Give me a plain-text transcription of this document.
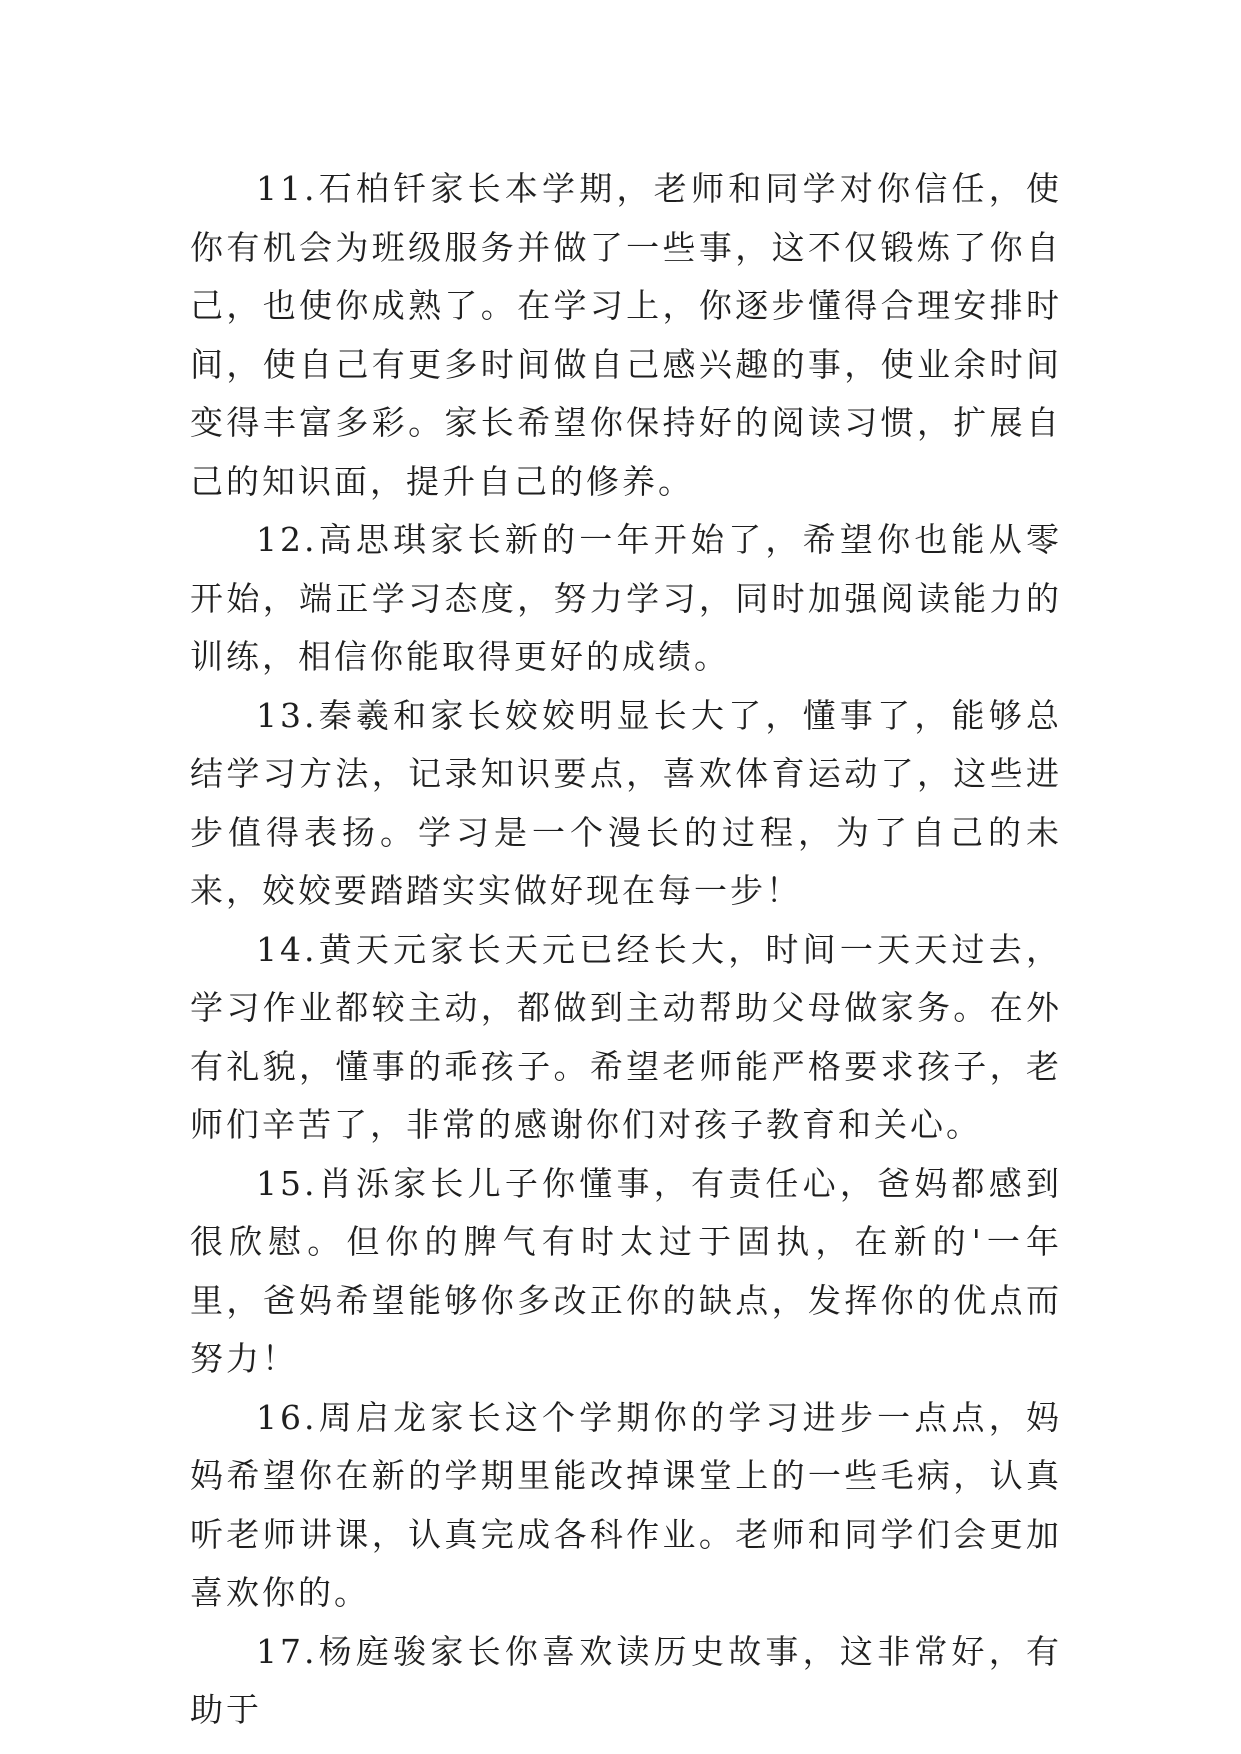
11.石柏钎家长本学期，老师和同学对你信任，使你有机会为班级服务并做了一些事，这不仅锻炼了你自己，也使你成熟了。在学习上，你逐步懂得合理安排时间，使自己有更多时间做自己感兴趣的事，使业余时间变得丰富多彩。家长希望你保持好的阅读习惯，扩展自己的知识面，提升自己的修养。

12.高思琪家长新的一年开始了，希望你也能从零开始，端正学习态度，努力学习，同时加强阅读能力的训练，相信你能取得更好的成绩。

13.秦羲和家长姣姣明显长大了，懂事了，能够总结学习方法，记录知识要点，喜欢体育运动了，这些进步值得表扬。学习是一个漫长的过程，为了自己的未来，姣姣要踏踏实实做好现在每一步！

14.黄天元家长天元已经长大，时间一天天过去，学习作业都较主动，都做到主动帮助父母做家务。在外有礼貌，懂事的乖孩子。希望老师能严格要求孩子，老师们辛苦了，非常的感谢你们对孩子教育和关心。

15.肖泺家长儿子你懂事，有责任心，爸妈都感到很欣慰。但你的脾气有时太过于固执，在新的'一年里，爸妈希望能够你多改正你的缺点，发挥你的优点而努力！

16.周启龙家长这个学期你的学习进步一点点，妈妈希望你在新的学期里能改掉课堂上的一些毛病，认真听老师讲课，认真完成各科作业。老师和同学们会更加喜欢你的。

17.杨庭骏家长你喜欢读历史故事，这非常好，有助于
